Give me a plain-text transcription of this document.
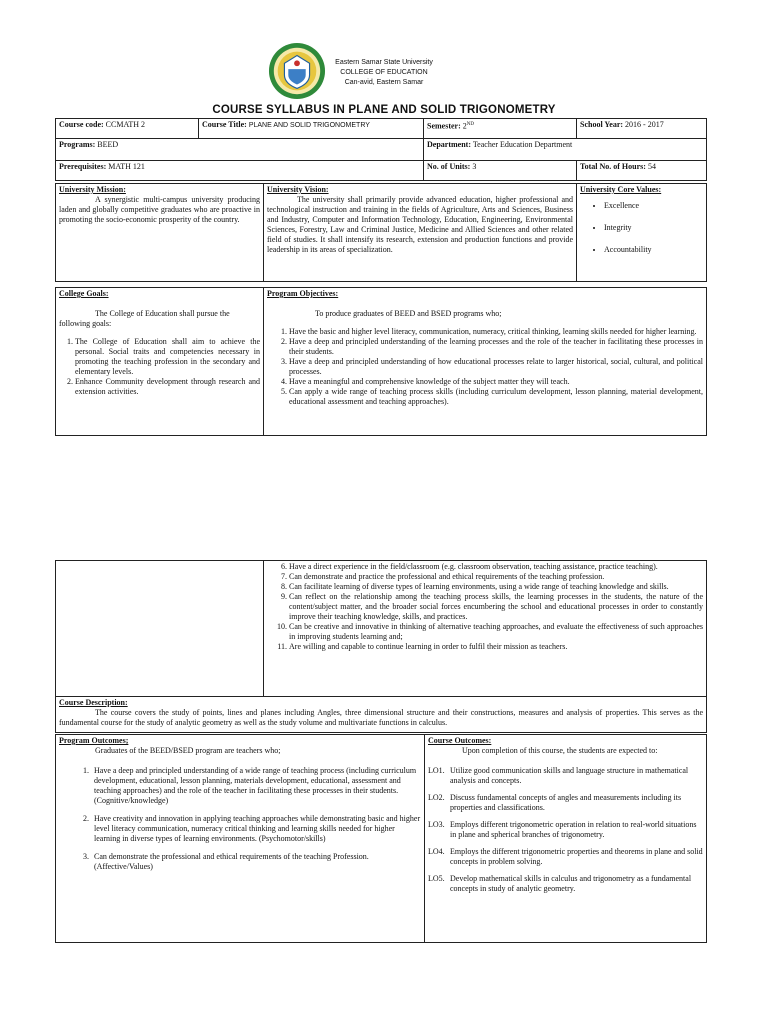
Eastern Samar State University
COLLEGE OF EDUCATION
Can-avid, Eastern Samar
COURSE SYLLABUS IN PLANE AND SOLID TRIGONOMETRY
Course code: CCMATH 2	Course Title: PLANE AND SOLID TRIGONOMETRY	Semester: 2ND	School Year: 2016 - 2017
Programs: BEED		Department: Teacher Education Department	
Prerequisites: MATH 121		No. of Units: 3	Total No. of Hours: 54
University Mission:
A synergistic multi-campus university producing laden and globally competitive graduates who are proactive in promoting the socio-economic prosperity of the country.

University Vision:
The university shall primarily provide advanced education, higher professional and technological instruction and training in the fields of Agriculture, Arts and Sciences, Business and Industry, Computer and Information Technology, Education, Engineering, Environmental Sciences, Forestry, Law and Criminal Justice, Medicine and Allied Sciences and other related field of studies. It shall intensify its research, extension and production functions and provide leadership in its areas of specialization.

University Core Values:
• Excellence
• Integrity
• Accountability
College Goals:
The College of Education shall pursue the following goals:
1. The College of Education shall aim to achieve the personal. Social traits and competencies necessary in promoting the teaching profession in the secondary and elementary levels.
2. Enhance Community development through research and extension activities.

Program Objectives:
To produce graduates of BEED and BSED programs who;
1. Have the basic and higher level literacy, communication, numeracy, critical thinking, learning skills needed for higher learning.
2. Have a deep and principled understanding of the learning processes and the role of the teacher in facilitating these processes in their students.
3. Have a deep and principled understanding of how educational processes relate to larger historical, social, cultural, and political processes.
4. Have a meaningful and comprehensive knowledge of the subject matter they will teach.
5. Can apply a wide range of teaching process skills (including curriculum development, lesson planning, material development, educational assessment and teaching approaches).

6. Have a direct experience in the field/classroom (e.g. classroom observation, teaching assistance, practice teaching).
7. Can demonstrate and practice the professional and ethical requirements of the teaching profession.
8. Can facilitate learning of diverse types of learning environments, using a wide range of teaching knowledge and skills.
9. Can reflect on the relationship among the teaching process skills, the learning processes in the students, the nature of the content/subject matter, and the broader social forces encumbering the school and educational processes in order to constantly improve their teaching knowledge, skills, and practices.
10. Can be creative and innovative in thinking of alternative teaching approaches, and evaluate the effectiveness of such approaches in improving students learning and;
11. Are willing and capable to continue learning in order to fulfil their mission as teachers.

Course Description:
The course covers the study of points, lines and planes including Angles, three dimensional structure and their constructions, measures and analysis of properties. This serves as the fundamental course for the study of analytic geometry as well as the study volume and multivariate functions in calculus.
Program Outcomes;
Graduates of the BEED/BSED program are teachers who;
1. Have a deep and principled understanding of a wide range of teaching process (including curriculum development, educational, lesson planning, materials development, educational, assessment and teaching approaches) and the role of the teacher in facilitating these processes in their students. (Cognitive/knowledge)
2. Have creativity and innovation in applying teaching approaches while demonstrating basic and higher level literacy communication, numeracy critical thinking and learning skills needed for higher learning in diverse types of learning environments. (Psychomotor/skills)
3. Can demonstrate the professional and ethical requirements of the teaching Profession. (Affective/Values)

Course Outcomes:
Upon completion of this course, the students are expected to:
LO1. Utilize good communication skills and language structure in mathematical analysis and concepts.
LO2. Discuss fundamental concepts of angles and measurements including its properties and classifications.
LO3. Employs different trigonometric operation in relation to real-world situations in plane and spherical branches of trigonometry.
LO4. Employs the different trigonometric properties and theorems in plane and solid concepts in problem solving.
LO5. Develop mathematical skills in calculus and trigonometry as a fundamental concepts in study of analytic geometry.
